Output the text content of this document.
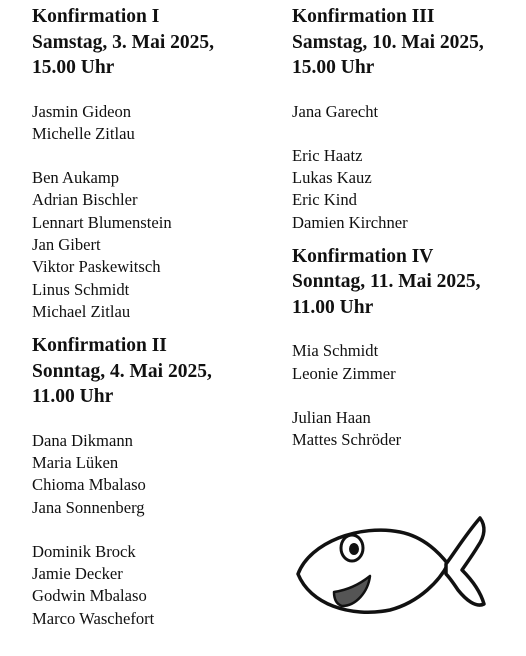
Konfirmation I
Samstag, 3. Mai 2025,
15.00 Uhr
Jasmin Gideon
Michelle Zitlau
Ben Aukamp
Adrian Bischler
Lennart Blumenstein
Jan Gibert
Viktor Paskewitsch
Linus Schmidt
Michael Zitlau
Konfirmation II
Sonntag, 4. Mai 2025,
11.00 Uhr
Dana Dikmann
Maria Lüken
Chioma Mbalaso
Jana Sonnenberg
Dominik Brock
Jamie Decker
Godwin Mbalaso
Marco Waschefort
Konfirmation III
Samstag, 10. Mai 2025,
15.00 Uhr
Jana Garecht
Eric Haatz
Lukas Kauz
Eric Kind
Damien Kirchner
Konfirmation IV
Sonntag, 11. Mai 2025,
11.00 Uhr
Mia Schmidt
Leonie Zimmer
Julian Haan
Mattes Schröder
